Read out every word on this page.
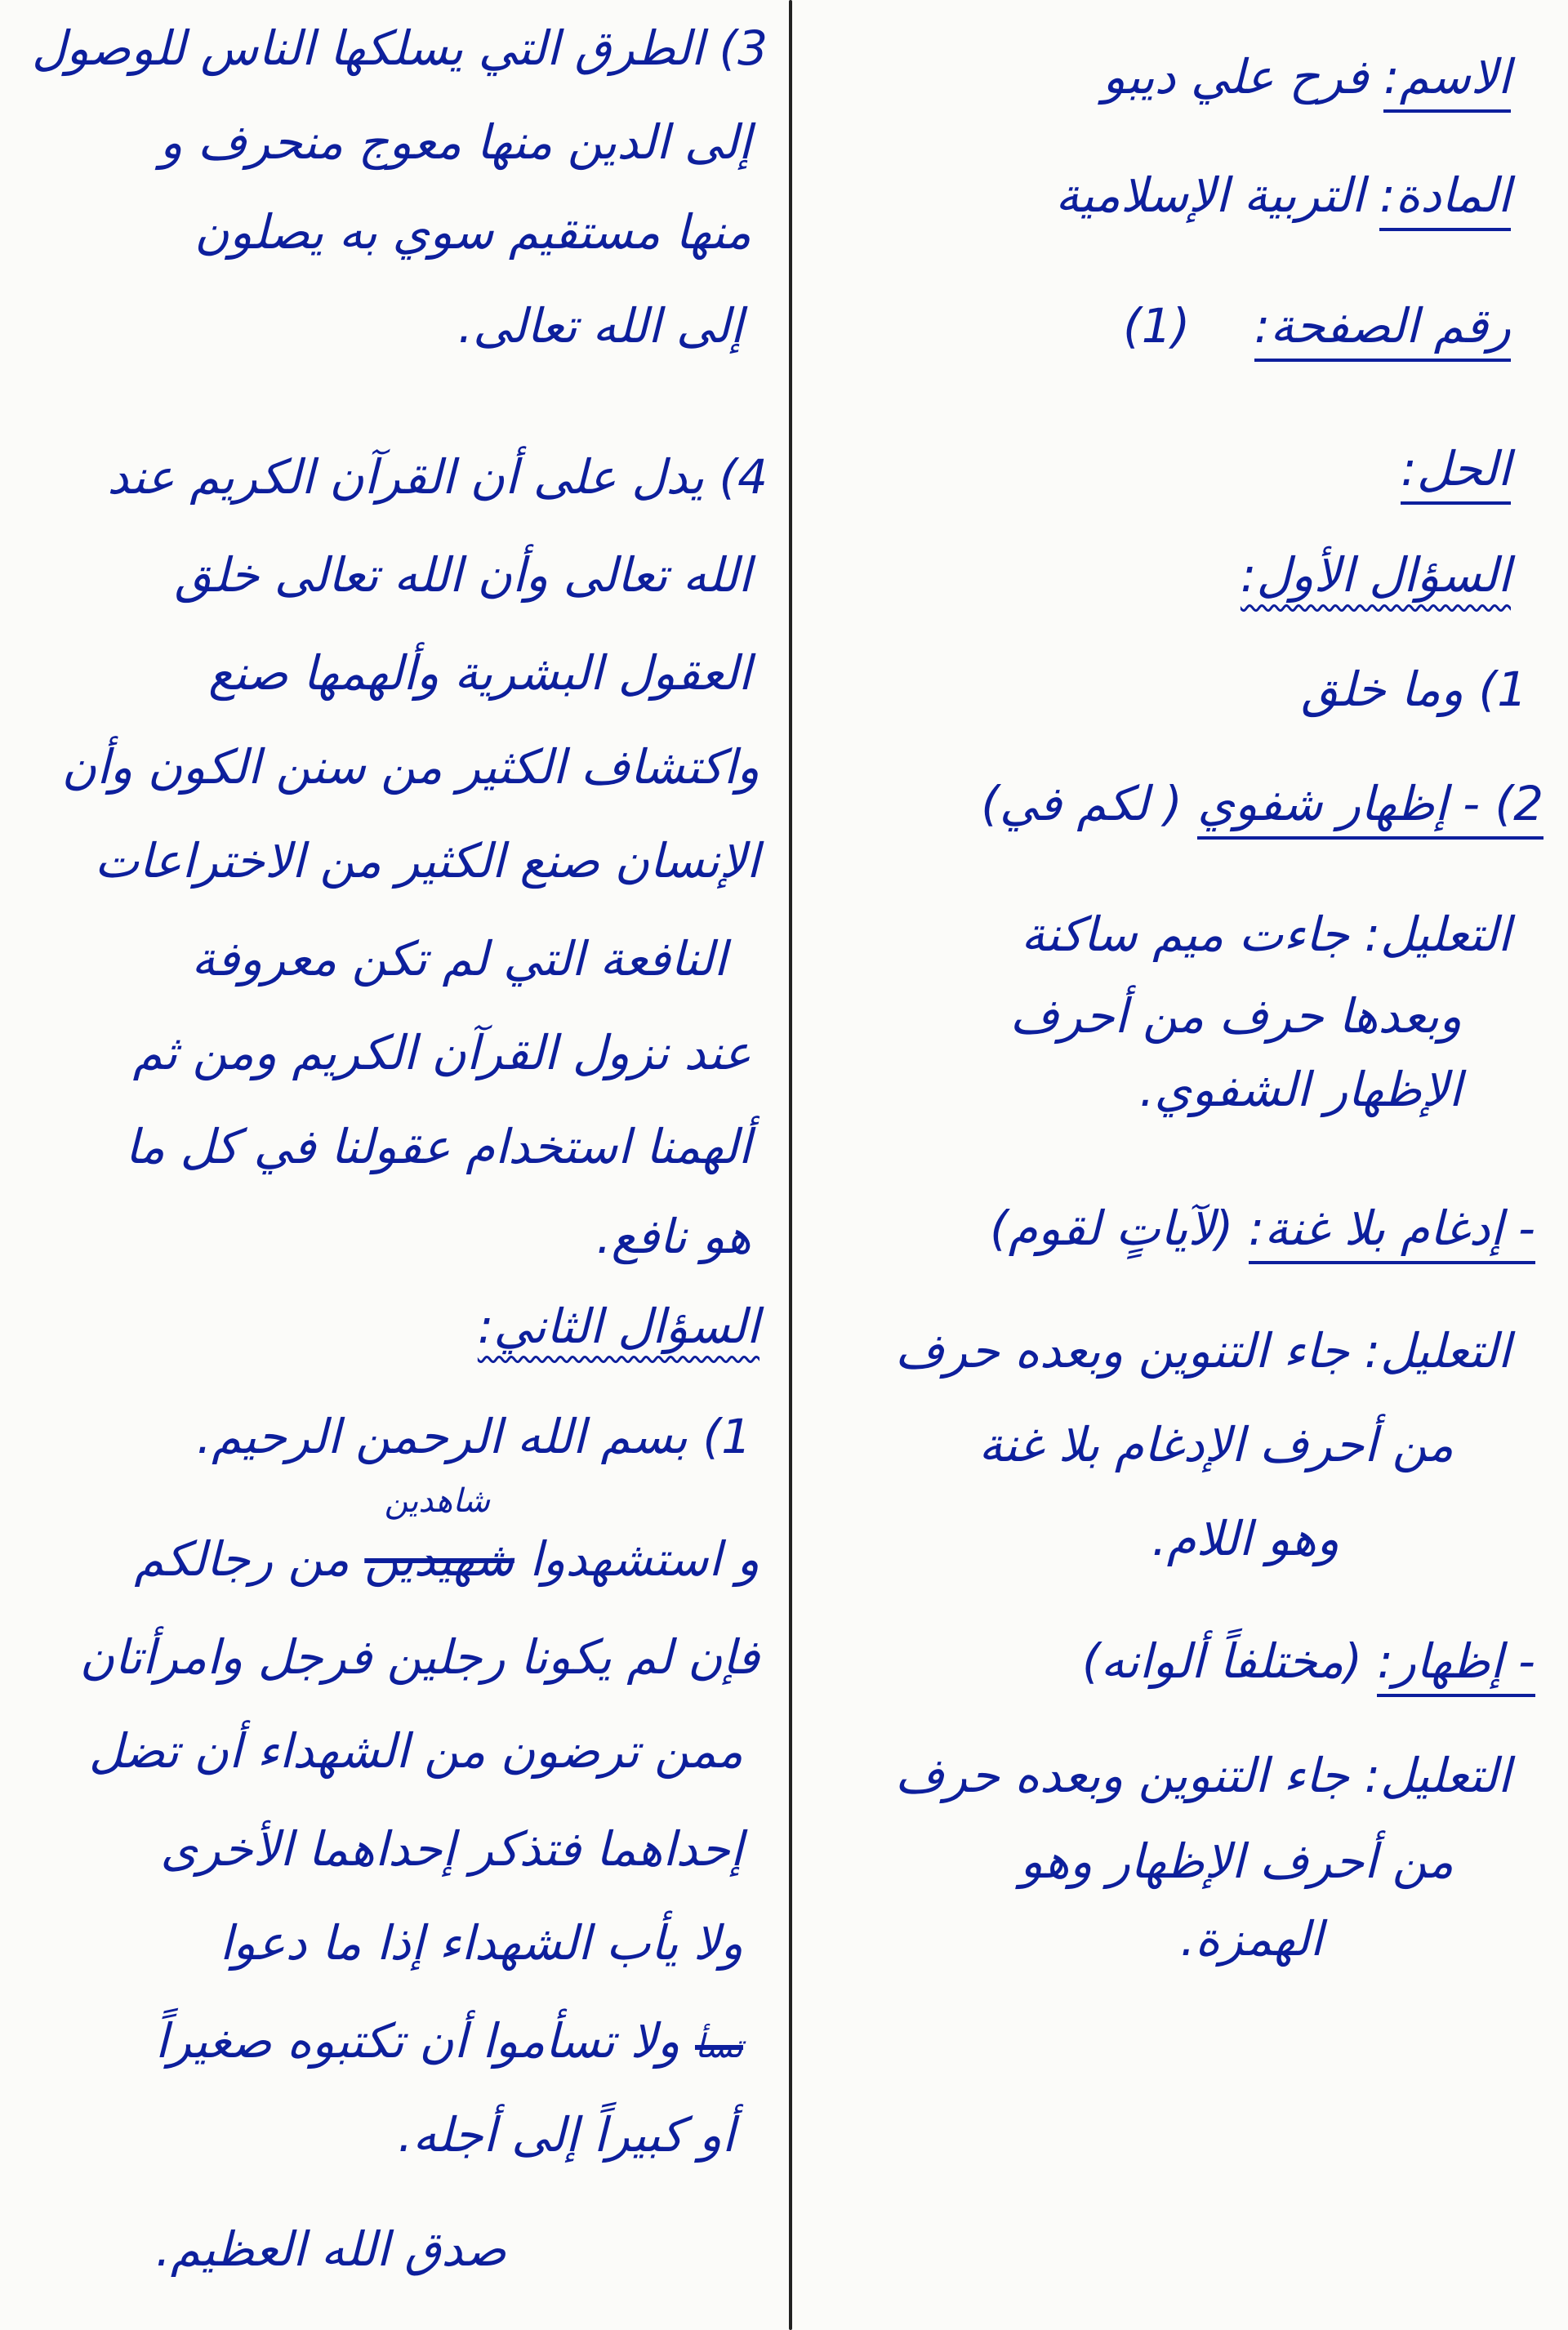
الاسم: فرح علي ديبو
المادة: التربية الإسلامية
رقم الصفحة: (1)
الحل:
السؤال الأول:
1) وما خلق
2) - إظهار شفوي ( لكم في)
التعليل: جاءت ميم ساكنة
وبعدها حرف من أحرف
الإظهار الشفوي.
- إدغام بلا غنة: (لآياتٍ لقوم)
التعليل: جاء التنوين وبعده حرف
من أحرف الإدغام بلا غنة
وهو اللام.
- إظهار: (مختلفاً ألوانه)
التعليل: جاء التنوين وبعده حرف
من أحرف الإظهار وهو
الهمزة.
3) الطرق التي يسلكها الناس للوصول
إلى الدين منها معوج منحرف و
منها مستقيم سوي به يصلون
إلى الله تعالى.
4) يدل على أن القرآن الكريم عند
الله تعالى وأن الله تعالى خلق
العقول البشرية وألهمها صنع
واكتشاف الكثير من سنن الكون وأن
الإنسان صنع الكثير من الاختراعات
النافعة التي لم تكن معروفة
عند نزول القرآن الكريم ومن ثم
ألهمنا استخدام عقولنا في كل ما
هو نافع.
السؤال الثاني:
1) بسم الله الرحمن الرحيم.
شاهدين
و استشهدوا شهيدين من رجالكم
فإن لم يكونا رجلين فرجل وامرأتان
ممن ترضون من الشهداء أن تضل
إحداهما فتذكر إحداهما الأخرى
ولا يأب الشهداء إذا ما دعوا
تسأ ولا تسأموا أن تكتبوه صغيراً
أو كبيراً إلى أجله.
صدق الله العظيم.
